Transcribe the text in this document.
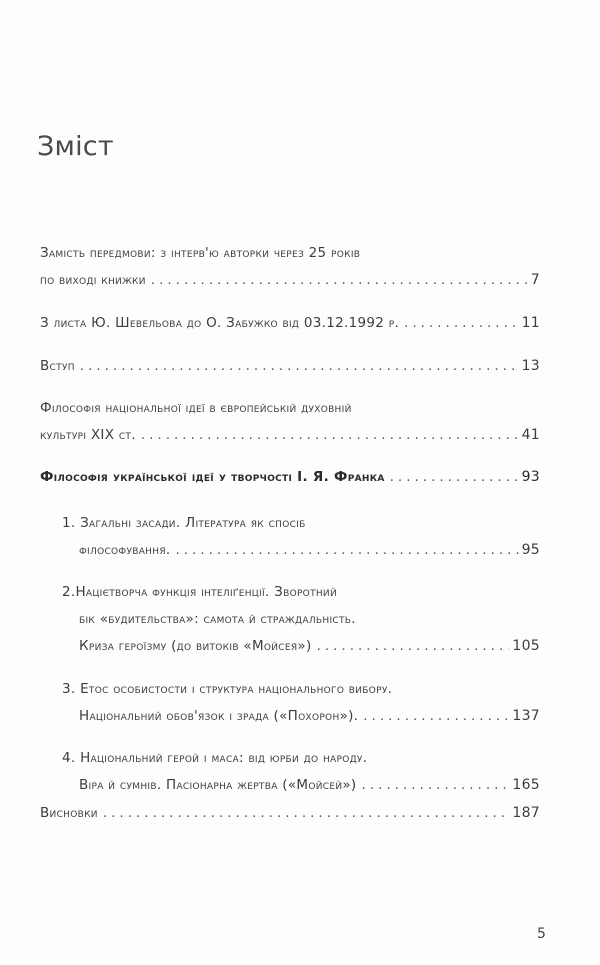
Зміст
Замість передмови: з інтерв'ю авторки через 25 років
по виході книжки .....	7
З листа Ю. Шевельова до О. Забужко від 03.12.1992 р. .....	11
Вступ .....	13
Філософія національної ідеї в європейській духовній
культурі XIX ст. .....	41
Філософія української ідеї у творчості І. Я. Франка .....	93
1. Загальні засади. Література як спосіб
філософування. .....	95
2.Націєтворча функція інтеліґенції. Зворотний
бік «будительства»: самота й страждальність.
Криза героїзму (до витоків «Мойсея») .....	105
3. Етос особистости і структура національного вибору.
Національний обов'язок і зрада («Похорон»). .....	137
4. Національний герой і маса: від юрби до народу.
Віра й сумнів. Пасіонарна жертва («Мойсей») .....	165
Висновки .....	187
5
